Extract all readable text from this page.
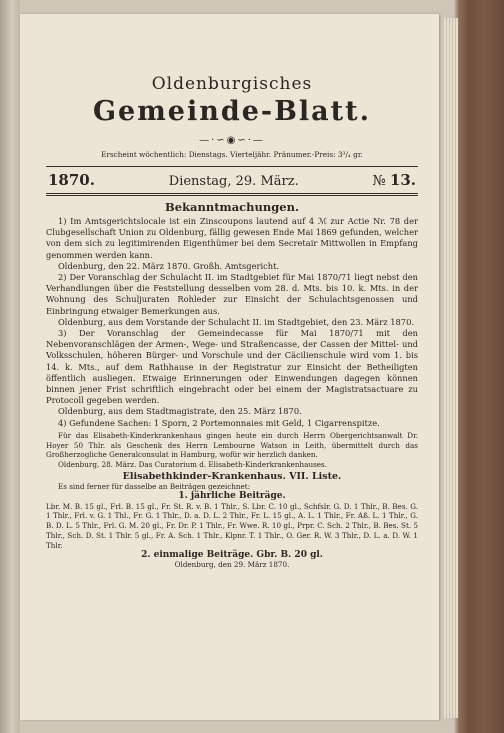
Oldenburgisches
Gemeinde-Blatt.
—·∽◉∽·—
Erscheint wöchentlich: Dienstags. Vierteljähr. Pränumer.-Preis: 3³/₄ gr.
1870.	Dienstag, 29. März.	№ 13.
Bekanntmachungen.

1) Im Amtsgerichtslocale ist ein Zinscoupons lautend auf 4 ℳ zur Actie Nr. 78 der Clubgesellschaft Union zu Oldenburg, fällig gewesen Ende Mai 1869 gefunden, welcher von dem sich zu legitimirenden Eigenthümer bei dem Secretair Mittwollen in Empfang genommen werden kann.

Oldenburg, den 22. März 1870. Großh. Amtsgericht.

2) Der Voranschlag der Schulacht II. im Stadtgebiet für Mai 1870/71 liegt nebst den Verhandlungen über die Feststellung desselben vom 28. d. Mts. bis 10. k. Mts. in der Wohnung des Schuljuraten Rohleder zur Einsicht der Schulachtsgenossen und Einbringung etwaiger Bemerkungen aus.

Oldenburg, aus dem Vorstande der Schulacht II. im Stadtgebiet, den 23. März 1870.

3) Der Voranschlag der Gemeindecasse für Mai 1870/71 mit den Nebenvoranschlägen der Armen-, Wege- und Straßencasse, der Cassen der Mittel- und Volksschulen, höheren Bürger- und Vorschule und der Cäcilienschule wird vom 1. bis 14. k. Mts., auf dem Rathhause in der Registratur zur Einsicht der Betheiligten öffentlich ausliegen. Etwaige Erinnerungen oder Einwendungen dagegen können binnen jener Frist schriftlich eingebracht oder bei einem der Magistratsactuare zu Protocoll gegeben werden.

Oldenburg, aus dem Stadtmagistrate, den 25. März 1870.

4) Gefundene Sachen: 1 Sporn, 2 Portemonnaies mit Geld, 1 Cigarrenspitze.

Für das Elisabeth-Kinderkrankenhaus gingen heute ein durch Herrn Obergerichtsanwalt Dr. Hoyer 50 Thlr. als Geschenk des Herrn Lembourne Watson in Leith, übermittelt durch das Großherzogliche Generalconsulat in Hamburg, wofür wir herzlich danken.

Oldenburg, 28. März. Das Curatorium d. Elisabeth-Kinderkrankenhauses.

Elisabethkinder-Krankenhaus. VII. Liste.

Es sind ferner für dasselbe an Beiträgen gezeichnet:

1. jährliche Beiträge.

Lbr. M. B. 15 gl., Frl. B. 15 gl., Fr. St. R. v. B. 1 Thlr., S. Lbr. C. 10 gl., Schfslr. G. D. 1 Thlr., B. Bes. G. 1 Thlr., Frl. v. G. 1 Thl., Fr. G. 1 Thlr., D. a. D. L. 2 Thlr., Fr. L. 15 gl., A. L. 1 Thlr., Fr. Aß. L. 1 Thlr., G. B. D. L. 5 Thlr., Frl. G. M. 20 gl., Fr. Dr. P. 1 Thlr., Fr. Wwe. R. 10 gl., Prpr. C. Sch. 2 Thlr., B. Bes. St. 5 Thlr., Sch. D. St. 1 Thlr. 5 gl., Fr. A. Sch. 1 Thlr., Klpnr. T. 1 Thlr., O. Ger. R. W. 3 Thlr., D. L. a. D. W. 1 Thlr.

2. einmalige Beiträge. Gbr. B. 20 gl.

Oldenburg, den 29. März 1870.
